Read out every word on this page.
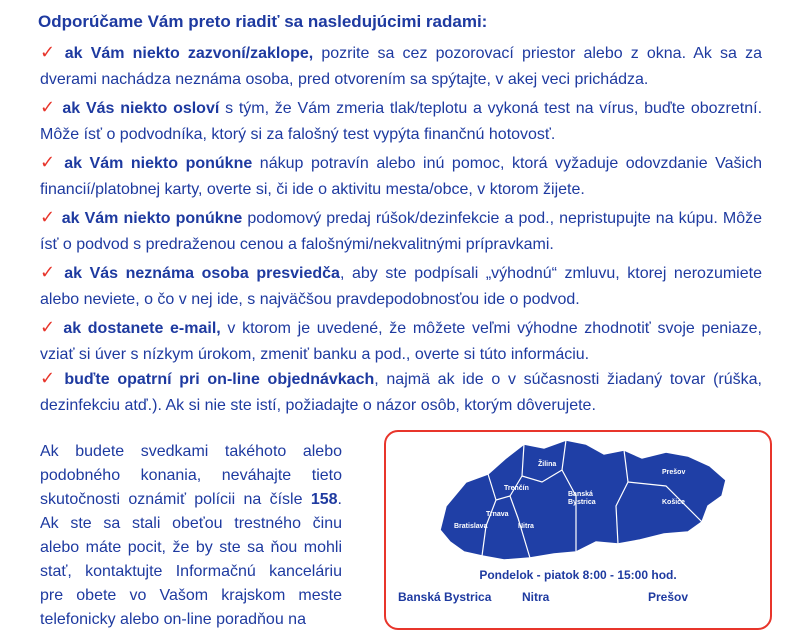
Odporúčame Vám preto riadiť sa nasledujúcimi radami:
✓ ak Vám niekto zazvoní/zaklope, pozrite sa cez pozorovací priestor alebo z okna. Ak sa za dverami nachádza neznáma osoba, pred otvorením sa spýtajte, v akej veci prichádza.
✓ ak Vás niekto osloví s tým, že Vám zmeria tlak/teplotu a vykoná test na vírus, buďte obozretní. Môže ísť o podvodníka, ktorý si za falošný test vypýta finančnú hotovosť.
✓ ak Vám niekto ponúkne nákup potravín alebo inú pomoc, ktorá vyžaduje odovzdanie Vašich financií/platobnej karty, overte si, či ide o aktivitu mesta/obce, v ktorom žijete.
✓ ak Vám niekto ponúkne podomový predaj rúšok/dezinfekcie a pod., nepristupujte na kúpu. Môže ísť o podvod s predraženou cenou a falošnými/nekvalitnými prípravkami.
✓ ak Vás neznáma osoba presviedča, aby ste podpísali „výhodnú“ zmluvu, ktorej nerozumiete alebo neviete, o čo v nej ide, s najväčšou pravdepodobnosťou ide o podvod.
✓ ak dostanete e-mail, v ktorom je uvedené, že môžete veľmi výhodne zhodnotiť svoje peniaze, vziať si úver s nízkym úrokom, zmeniť banku a pod., overte si túto informáciu.
✓ buďte opatrní pri on-line objednávkach, najmä ak ide o v súčasnosti žiadaný tovar (rúška, dezinfekciu atď.). Ak si nie ste istí, požiadajte o názor osôb, ktorým dôverujete.
Ak budete svedkami takéhoto alebo podobného konania, neváhajte tieto skutočnosti oznámiť polícii na čísle 158. Ak ste sa stali obeťou trestného činu alebo máte pocit, že by ste sa ňou mohli stať, kontaktujte Informačnú kanceláriu pre obete vo Vašom krajskom meste telefonicky alebo on-line poradňou na
Žilina
Trenčín
Prešov
Banská
Bystrica	Košice
Trnava
Bratislava	Nitra
Pondelok - piatok 8:00 - 15:00 hod.
Banská Bystrica	Nitra	Prešov
